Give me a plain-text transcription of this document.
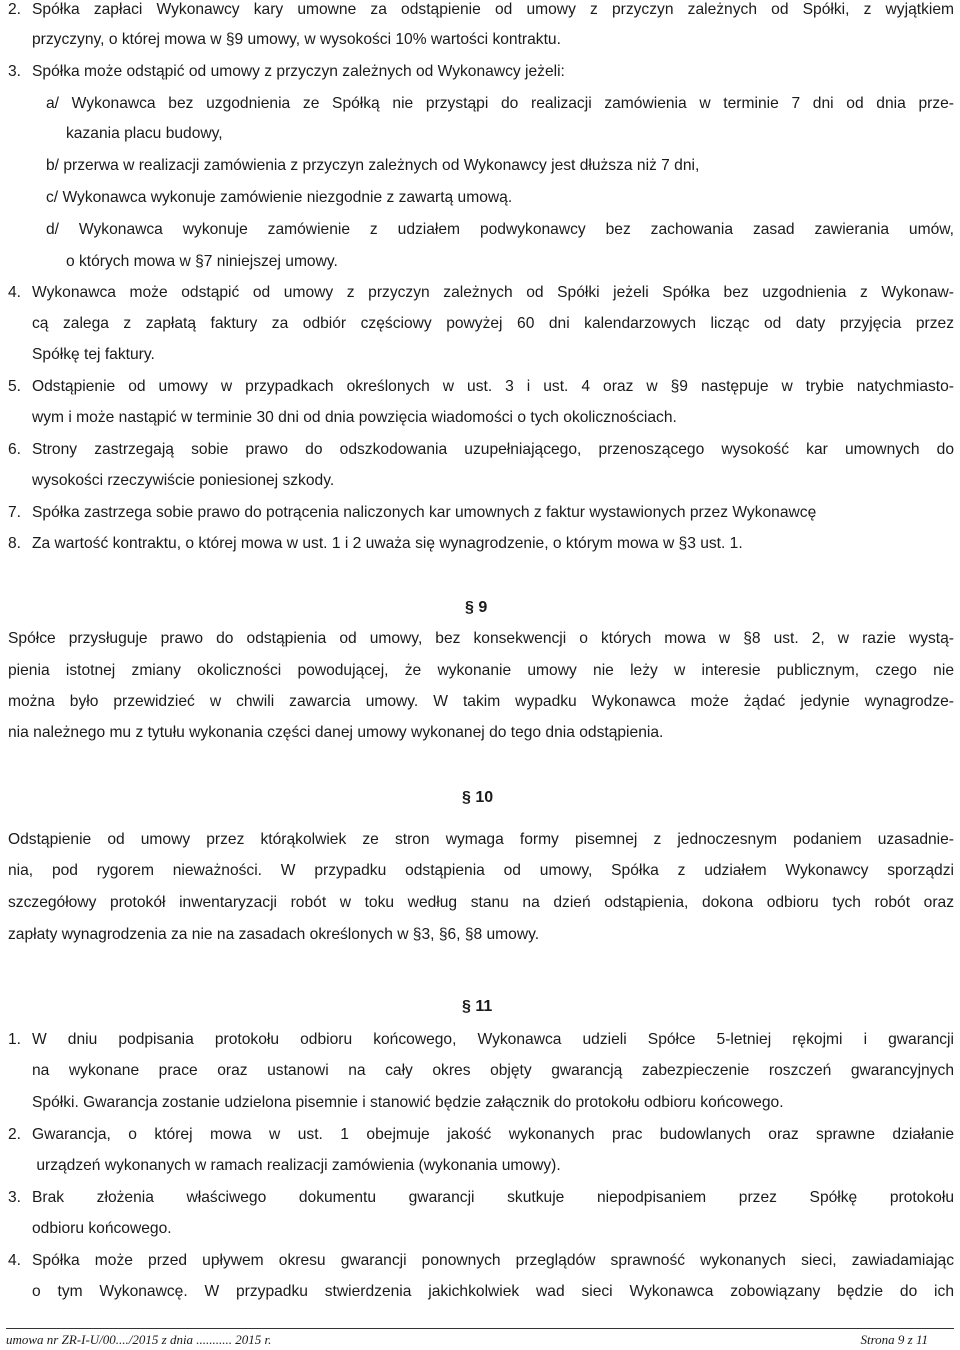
2. Spółka zapłaci Wykonawcy kary umowne za odstąpienie od umowy z przyczyn zależnych od Spółki, z wyjątkiem

przyczyny, o której mowa w §9 umowy, w wysokości 10% wartości kontraktu.

3. Spółka może odstąpić od umowy z przyczyn zależnych od Wykonawcy jeżeli:

a/ Wykonawca bez uzgodnienia ze Spółką nie przystąpi do realizacji zamówienia w terminie 7 dni od dnia prze-

kazania placu budowy,

b/ przerwa w realizacji zamówienia z przyczyn zależnych od Wykonawcy jest dłuższa niż 7 dni,

c/ Wykonawca wykonuje zamówienie niezgodnie z zawartą umową.

d/ Wykonawca wykonuje zamówienie z udziałem podwykonawcy bez zachowania zasad zawierania umów,

o których mowa w §7 niniejszej umowy.

4. Wykonawca może odstąpić od umowy z przyczyn zależnych od Spółki jeżeli Spółka bez uzgodnienia z Wykonaw-

cą zalega z zapłatą faktury za odbiór częściowy powyżej 60 dni kalendarzowych licząc od daty przyjęcia przez

Spółkę tej faktury.

5. Odstąpienie od umowy w przypadkach określonych w ust. 3 i ust. 4 oraz w §9 następuje w trybie natychmiasto-

wym i może nastąpić w terminie 30 dni od dnia powzięcia wiadomości o tych okolicznościach.

6. Strony zastrzegają sobie prawo do odszkodowania uzupełniającego, przenoszącego wysokość kar umownych do

wysokości rzeczywiście poniesionej szkody.

7. Spółka zastrzega sobie prawo do potrącenia naliczonych kar umownych z faktur wystawionych przez Wykonawcę

8. Za wartość kontraktu, o której mowa w ust. 1 i 2 uważa się wynagrodzenie, o którym mowa w §3 ust. 1.

§ 9

Spółce przysługuje prawo do odstąpienia od umowy, bez konsekwencji o których mowa w §8 ust. 2, w razie wystą-

pienia istotnej zmiany okoliczności powodującej, że wykonanie umowy nie leży w interesie publicznym, czego nie

można było przewidzieć w chwili zawarcia umowy. W takim wypadku Wykonawca może żądać jedynie wynagrodze-

nia należnego mu z tytułu wykonania części danej umowy wykonanej do tego dnia odstąpienia.

§ 10

Odstąpienie od umowy przez którąkolwiek ze stron wymaga formy pisemnej z jednoczesnym podaniem uzasadnie-

nia, pod rygorem nieważności. W przypadku odstąpienia od umowy, Spółka z udziałem Wykonawcy sporządzi

szczegółowy protokół inwentaryzacji robót w toku według stanu na dzień odstąpienia, dokona odbioru tych robót oraz

zapłaty wynagrodzenia za nie na zasadach określonych w §3, §6, §8 umowy.

§ 11
1. W dniu podpisania protokołu odbioru końcowego, Wykonawca udzieli Spółce 5-letniej rękojmi i gwarancji

na wykonane prace oraz ustanowi na cały okres objęty gwarancją zabezpieczenie roszczeń gwarancyjnych

Spółki. Gwarancja zostanie udzielona pisemnie i stanowić będzie załącznik do protokołu odbioru końcowego.

2. Gwarancja, o której mowa w ust. 1 obejmuje jakość wykonanych prac budowlanych oraz sprawne działanie

urządzeń wykonanych w ramach realizacji zamówienia (wykonania umowy).

3. Brak złożenia właściwego dokumentu gwarancji skutkuje niepodpisaniem przez Spółkę protokołu

odbioru końcowego.

4. Spółka może przed upływem okresu gwarancji ponownych przeglądów sprawność wykonanych sieci, zawiadamiając

o tym Wykonawcę. W przypadku stwierdzenia jakichkolwiek wad sieci Wykonawca zobowiązany będzie do ich

umowa nr ZR-I-U/00..../2015 z dnia ........... 2015 r.	Strona 9 z 11
